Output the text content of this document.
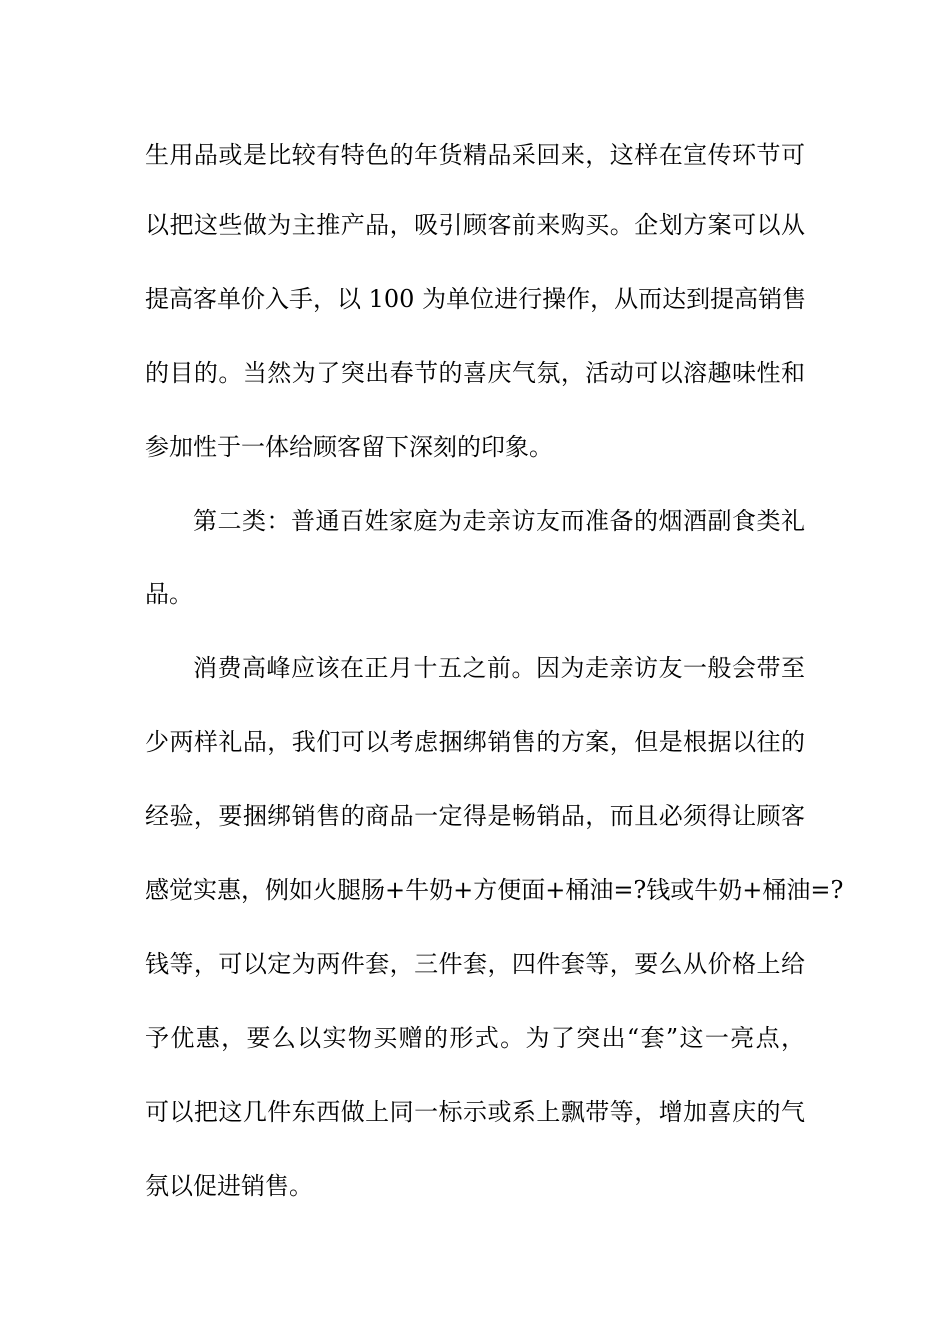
生用品或是比较有特色的年货精品采回来，这样在宣传环节可
以把这些做为主推产品，吸引顾客前来购买。企划方案可以从
提高客单价入手，以 100 为单位进行操作，从而达到提高销售
的目的。当然为了突出春节的喜庆气氛，活动可以溶趣味性和
参加性于一体给顾客留下深刻的印象。
第二类：普通百姓家庭为走亲访友而准备的烟酒副食类礼
品。
消费高峰应该在正月十五之前。因为走亲访友一般会带至
少两样礼品，我们可以考虑捆绑销售的方案，但是根据以往的
经验，要捆绑销售的商品一定得是畅销品，而且必须得让顾客
感觉实惠，例如火腿肠+牛奶+方便面+桶油=?钱或牛奶+桶油=?
钱等，可以定为两件套，三件套，四件套等，要么从价格上给
予优惠，要么以实物买赠的形式。为了突出“套”这一亮点，
可以把这几件东西做上同一标示或系上飘带等，增加喜庆的气
氛以促进销售。
